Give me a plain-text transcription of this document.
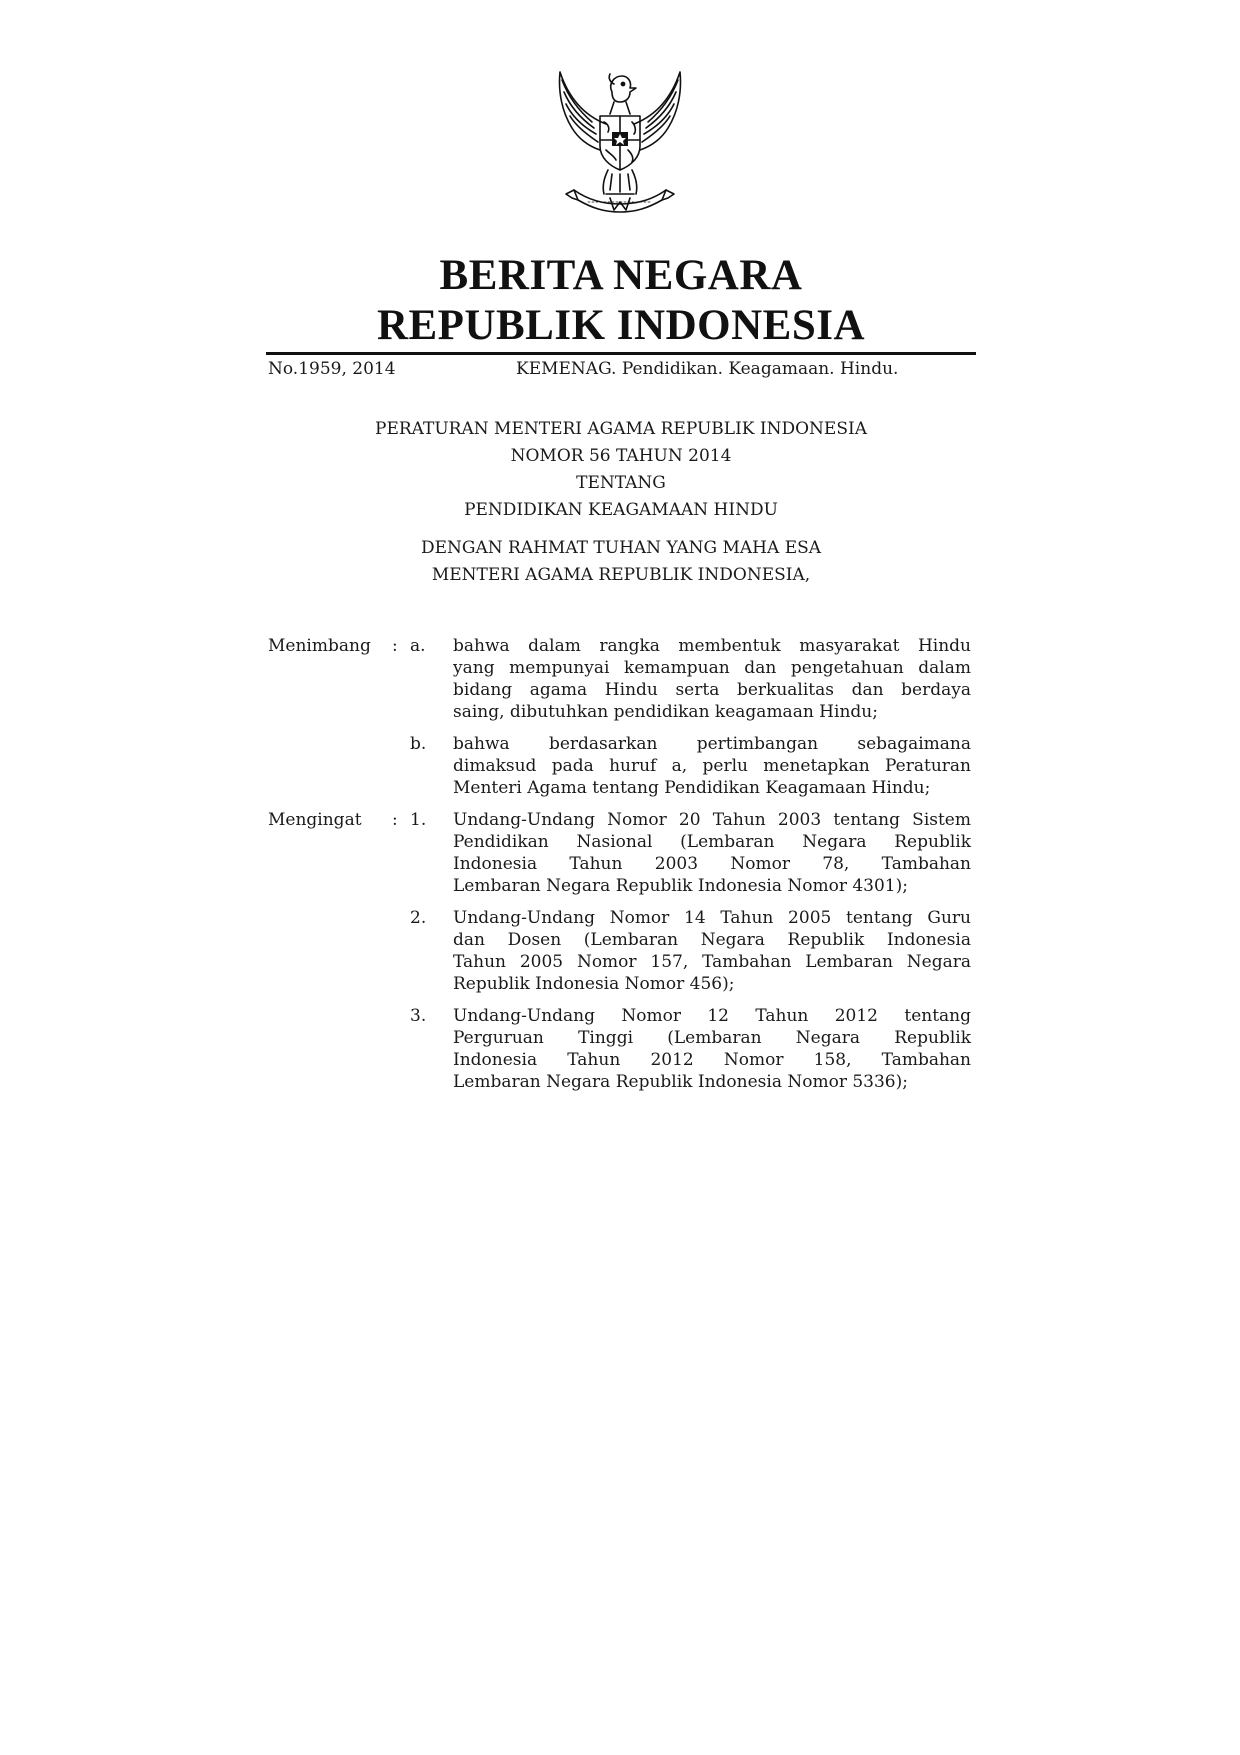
BERITA NEGARA
REPUBLIK INDONESIA
No.1959, 2014	KEMENAG. Pendidikan. Keagamaan. Hindu.
PERATURAN MENTERI AGAMA REPUBLIK INDONESIA
NOMOR 56 TAHUN 2014
TENTANG
PENDIDIKAN KEAGAMAAN HINDU
DENGAN RAHMAT TUHAN YANG MAHA ESA
MENTERI AGAMA REPUBLIK INDONESIA,
Menimbang : a. bahwa dalam rangka membentuk masyarakat Hindu
yang mempunyai kemampuan dan pengetahuan dalam
bidang agama Hindu serta berkualitas dan berdaya
saing, dibutuhkan pendidikan keagamaan Hindu;
b. bahwa berdasarkan pertimbangan sebagaimana
dimaksud pada huruf a, perlu menetapkan Peraturan
Menteri Agama tentang Pendidikan Keagamaan Hindu;
Mengingat : 1. Undang-Undang Nomor 20 Tahun 2003 tentang Sistem
Pendidikan Nasional (Lembaran Negara Republik
Indonesia Tahun 2003 Nomor 78, Tambahan
Lembaran Negara Republik Indonesia Nomor 4301);
2. Undang-Undang Nomor 14 Tahun 2005 tentang Guru
dan Dosen (Lembaran Negara Republik Indonesia
Tahun 2005 Nomor 157, Tambahan Lembaran Negara
Republik Indonesia Nomor 456);
3. Undang-Undang Nomor 12 Tahun 2012 tentang
Perguruan Tinggi (Lembaran Negara Republik
Indonesia Tahun 2012 Nomor 158, Tambahan
Lembaran Negara Republik Indonesia Nomor 5336);
